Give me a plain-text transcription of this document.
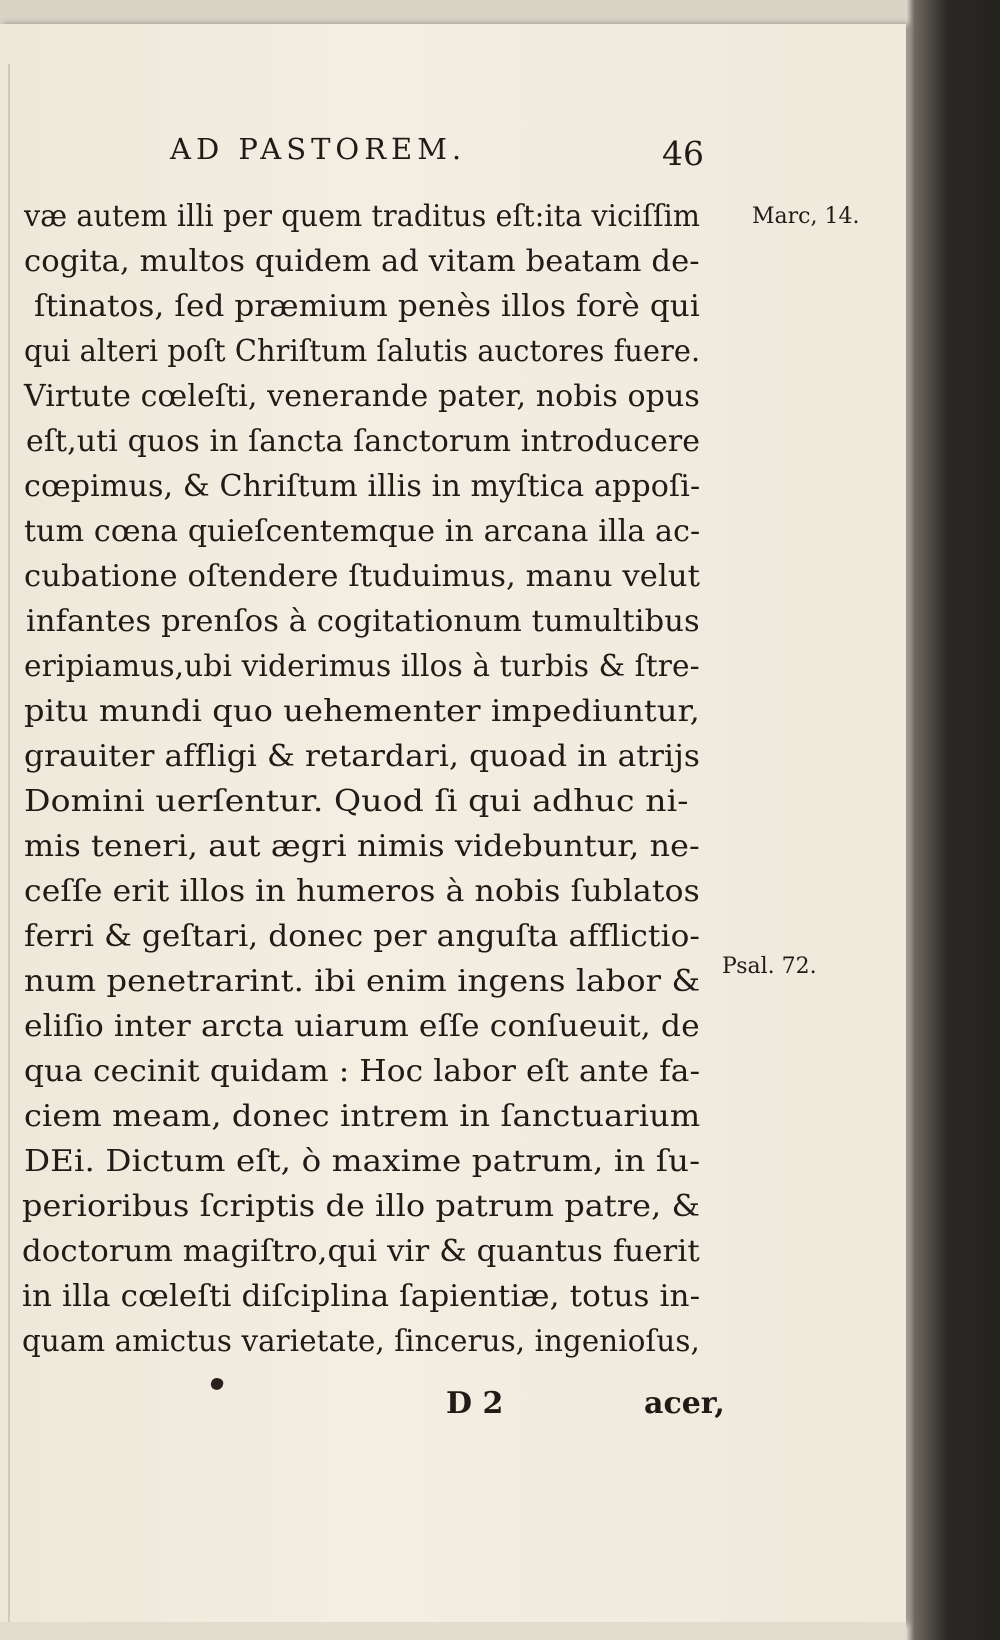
AD PASTOREM.	46
væ autem illi per quem traditus eſt:ita viciſſim
cogita, multos quidem ad vitam beatam de-
ſtinatos, ſed præmium penès illos forè qui
qui alteri poſt Chriſtum ſalutis auctores fuere.
Virtute cœleſti, venerande pater, nobis opus
eſt,uti quos in ſancta ſanctorum introducere
cœpimus, & Chriſtum illis in myſtica appoſi-
tum cœna quieſcentemque in arcana illa ac-
cubatione oſtendere ſtuduimus, manu velut
infantes prenſos à cogitationum tumultibus
eripiamus,ubi viderimus illos à turbis & ſtre-
pitu mundi quo uehementer impediuntur,
grauiter affligi & retardari, quoad in atrijs
Domini uerſentur. Quod ſi qui adhuc ni-
mis teneri, aut ægri nimis videbuntur, ne-
ceſſe erit illos in humeros à nobis ſublatos
ferri & geſtari, donec per anguſta afflictio-
num penetrarint. ibi enim ingens labor &
eliſio inter arcta uiarum eſſe conſueuit, de
qua cecinit quidam : Hoc labor eſt ante fa-
ciem meam, donec intrem in ſanctuarium
DEi. Dictum eſt, ò maxime patrum, in ſu-
perioribus ſcriptis de illo patrum patre, &
doctorum magiſtro,qui vir & quantus fuerit
in illa cœleſti diſciplina ſapientiæ, totus in-
quam amictus varietate, ſincerus, ingenioſus,
Marc, 14.
Psal. 72.
D 2	acer,
